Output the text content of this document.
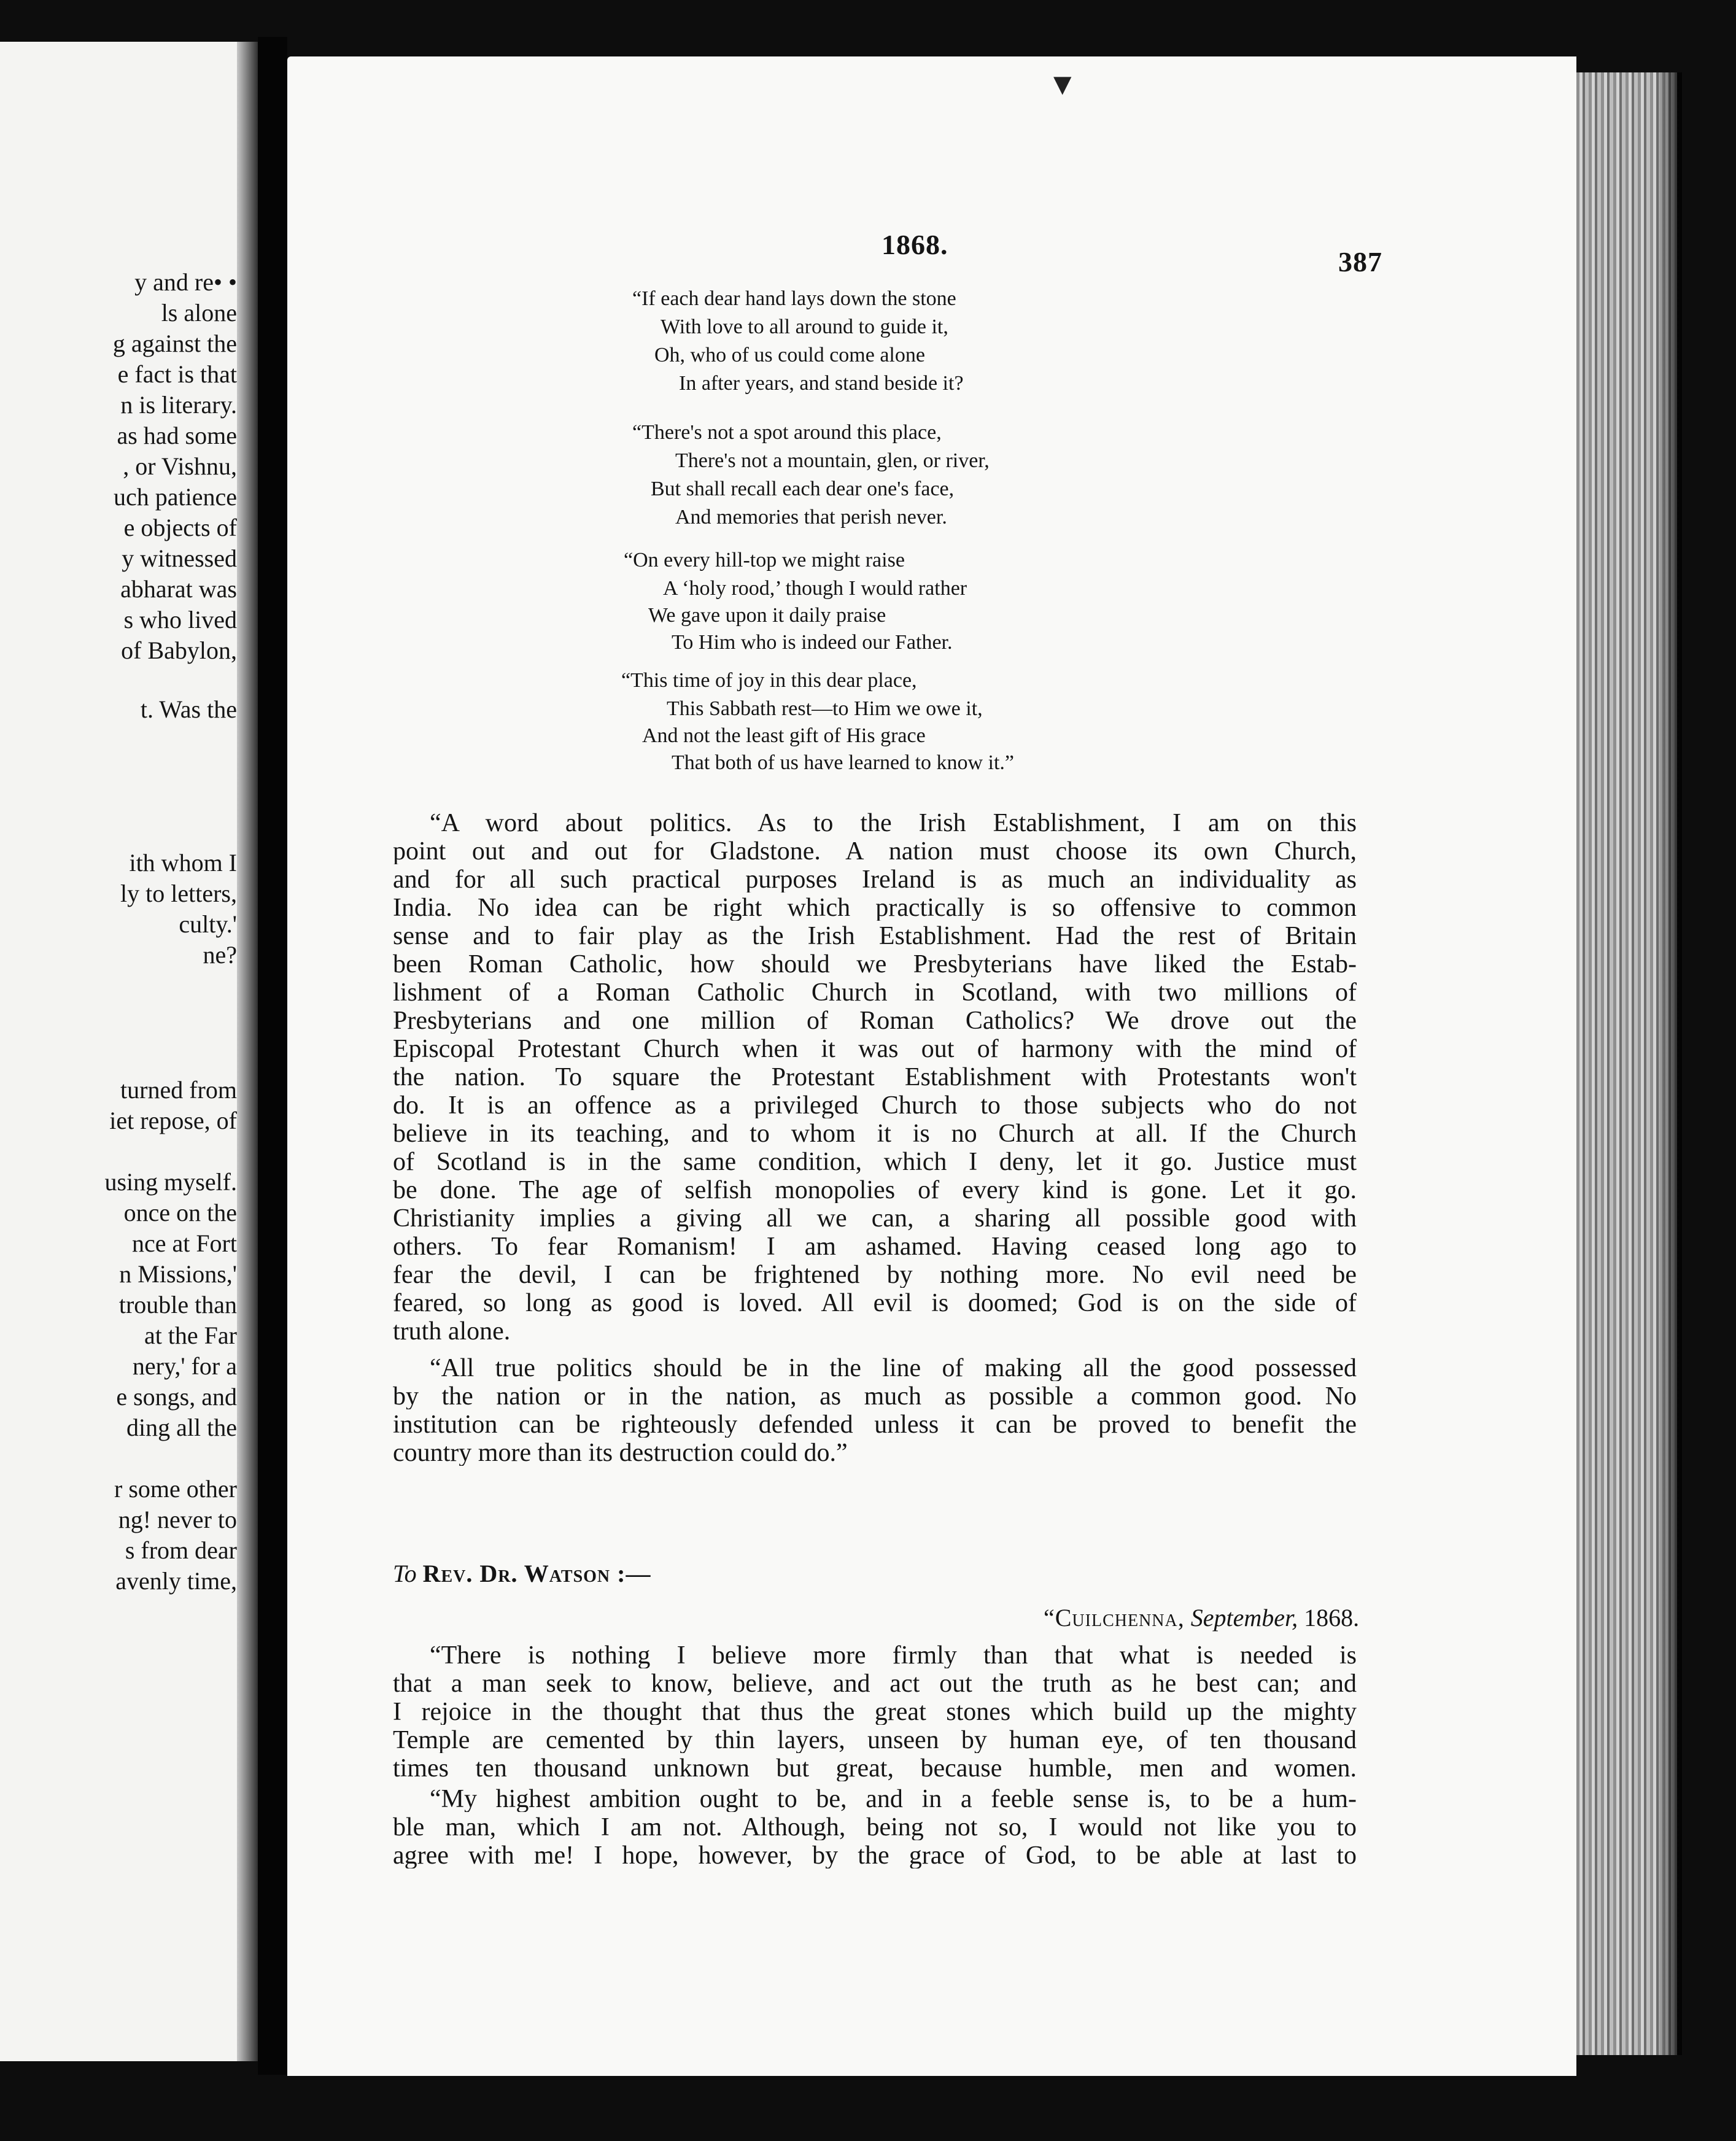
y and re• •
ls alone
g against the
e fact is that
n is literary.
as had some
, or Vishnu,
uch patience
e objects of
y witnessed
abharat was
s who lived
of Babylon,
t. Was the
ith whom I
ly to letters,
culty.'
ne?
turned from
iet repose, of
using myself.
once on the
nce at Fort
n Missions,'
trouble than
at the Far
nery,' for a
e songs, and
ding all the
r some other
ng! never to
s from dear
avenly time,
▼
1868.
387
“If each dear hand lays down the stone
With love to all around to guide it,
Oh, who of us could come alone
In after years, and stand beside it?
“There's not a spot around this place,
There's not a mountain, glen, or river,
But shall recall each dear one's face,
And memories that perish never.
“On every hill-top we might raise
A ‘holy rood,’ though I would rather
We gave upon it daily praise
To Him who is indeed our Father.
“This time of joy in this dear place,
This Sabbath rest—to Him we owe it,
And not the least gift of His grace
That both of us have learned to know it.”
“A word about politics. As to the Irish Establishment, I am on this
point out and out for Gladstone. A nation must choose its own Church,
and for all such practical purposes Ireland is as much an individuality as
India. No idea can be right which practically is so offensive to common
sense and to fair play as the Irish Establishment. Had the rest of Britain
been Roman Catholic, how should we Presbyterians have liked the Estab-
lishment of a Roman Catholic Church in Scotland, with two millions of
Presbyterians and one million of Roman Catholics? We drove out the
Episcopal Protestant Church when it was out of harmony with the mind of
the nation. To square the Protestant Establishment with Protestants won't
do. It is an offence as a privileged Church to those subjects who do not
believe in its teaching, and to whom it is no Church at all. If the Church
of Scotland is in the same condition, which I deny, let it go. Justice must
be done. The age of selfish monopolies of every kind is gone. Let it go.
Christianity implies a giving all we can, a sharing all possible good with
others. To fear Romanism! I am ashamed. Having ceased long ago to
fear the devil, I can be frightened by nothing more. No evil need be
feared, so long as good is loved. All evil is doomed; God is on the side of
truth alone.
“All true politics should be in the line of making all the good possessed
by the nation or in the nation, as much as possible a common good. No
institution can be righteously defended unless it can be proved to benefit the
country more than its destruction could do.”
To Rev. Dr. Watson :—
“Cuilchenna, September, 1868.
“There is nothing I believe more firmly than that what is needed is
that a man seek to know, believe, and act out the truth as he best can; and
I rejoice in the thought that thus the great stones which build up the mighty
Temple are cemented by thin layers, unseen by human eye, of ten thousand
times ten thousand unknown but great, because humble, men and women.
“My highest ambition ought to be, and in a feeble sense is, to be a hum-
ble man, which I am not. Although, being not so, I would not like you to
agree with me! I hope, however, by the grace of God, to be able at last to
